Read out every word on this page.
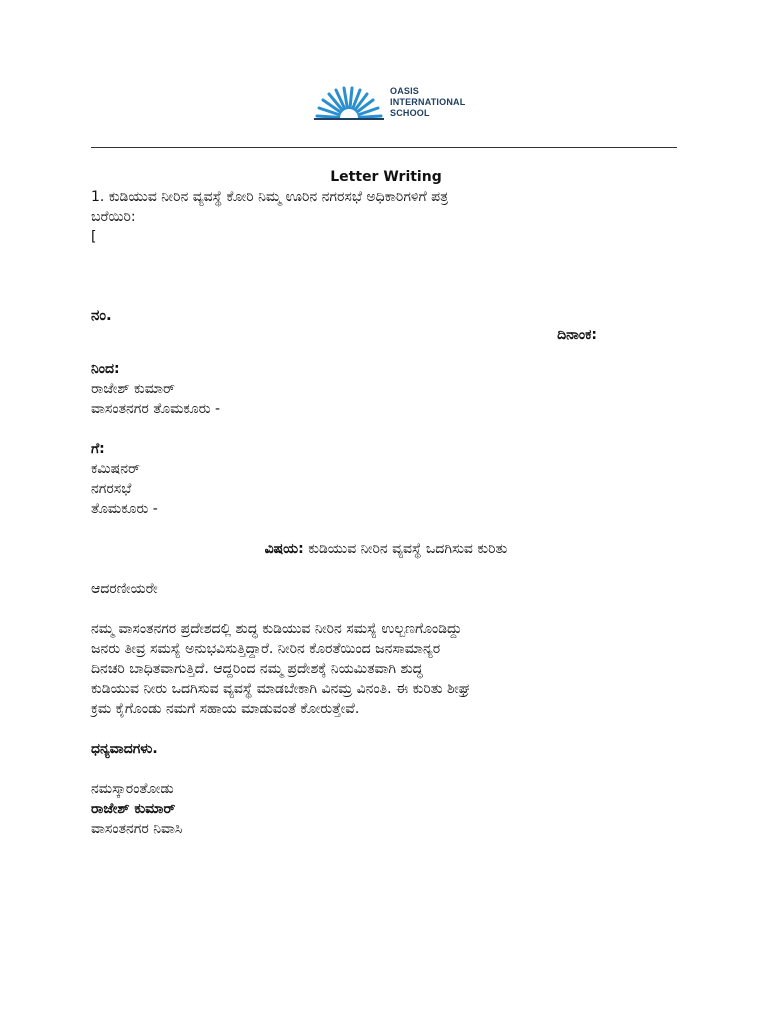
OASIS
INTERNATIONAL
SCHOOL

Letter Writing

1. ಕುಡಿಯುವ ನೀರಿನ ವ್ಯವಸ್ಥೆ ಕೋರಿ ನಿಮ್ಮ ಊರಿನ ನಗರಸಭೆ ಅಧಿಕಾರಿಗಳಿಗೆ ಪತ್ರ

ಬರೆಯಿರಿ:

[

ನಂ.

ದಿನಾಂಕ:

ನಿಂದ:

ರಾಜೇಶ್ ಕುಮಾರ್

ವಾಸಂತನಗರ ತೊಮಕೂರು -

ಗೆ:

ಕಮಿಷನರ್

ನಗರಸಭೆ

ತೊಮಕೂರು -

ವಿಷಯ: ಕುಡಿಯುವ ನೀರಿನ ವ್ಯವಸ್ಥೆ ಒದಗಿಸುವ ಕುರಿತು

ಆದರಣೀಯರೇ

ನಮ್ಮ ವಾಸಂತನಗರ ಪ್ರದೇಶದಲ್ಲಿ ಶುದ್ಧ ಕುಡಿಯುವ ನೀರಿನ ಸಮಸ್ಯೆ ಉಲ್ಬಣಗೊಂಡಿದ್ದು

ಜನರು ತೀವ್ರ ಸಮಸ್ಯೆ ಅನುಭವಿಸುತ್ತಿದ್ದಾರೆ. ನೀರಿನ ಕೊರತೆಯಿಂದ ಜನಸಾಮಾನ್ಯರ

ದಿನಚರಿ ಬಾಧಿತವಾಗುತ್ತಿದೆ. ಆದ್ದರಿಂದ ನಮ್ಮ ಪ್ರದೇಶಕ್ಕೆ ನಿಯಮಿತವಾಗಿ ಶುದ್ಧ

ಕುಡಿಯುವ ನೀರು ಒದಗಿಸುವ ವ್ಯವಸ್ಥೆ ಮಾಡಬೇಕಾಗಿ ವಿನಮ್ರ ವಿನಂತಿ. ಈ ಕುರಿತು ಶೀಘ್ರ

ಕ್ರಮ ಕೈಗೊಂಡು ನಮಗೆ ಸಹಾಯ ಮಾಡುವಂತೆ ಕೋರುತ್ತೇವೆ.

ಧನ್ಯವಾದಗಳು.

ನಮಸ್ಕಾರಂತೋಡು

ರಾಜೇಶ್ ಕುಮಾರ್

ವಾಸಂತನಗರ ನಿವಾಸಿ
